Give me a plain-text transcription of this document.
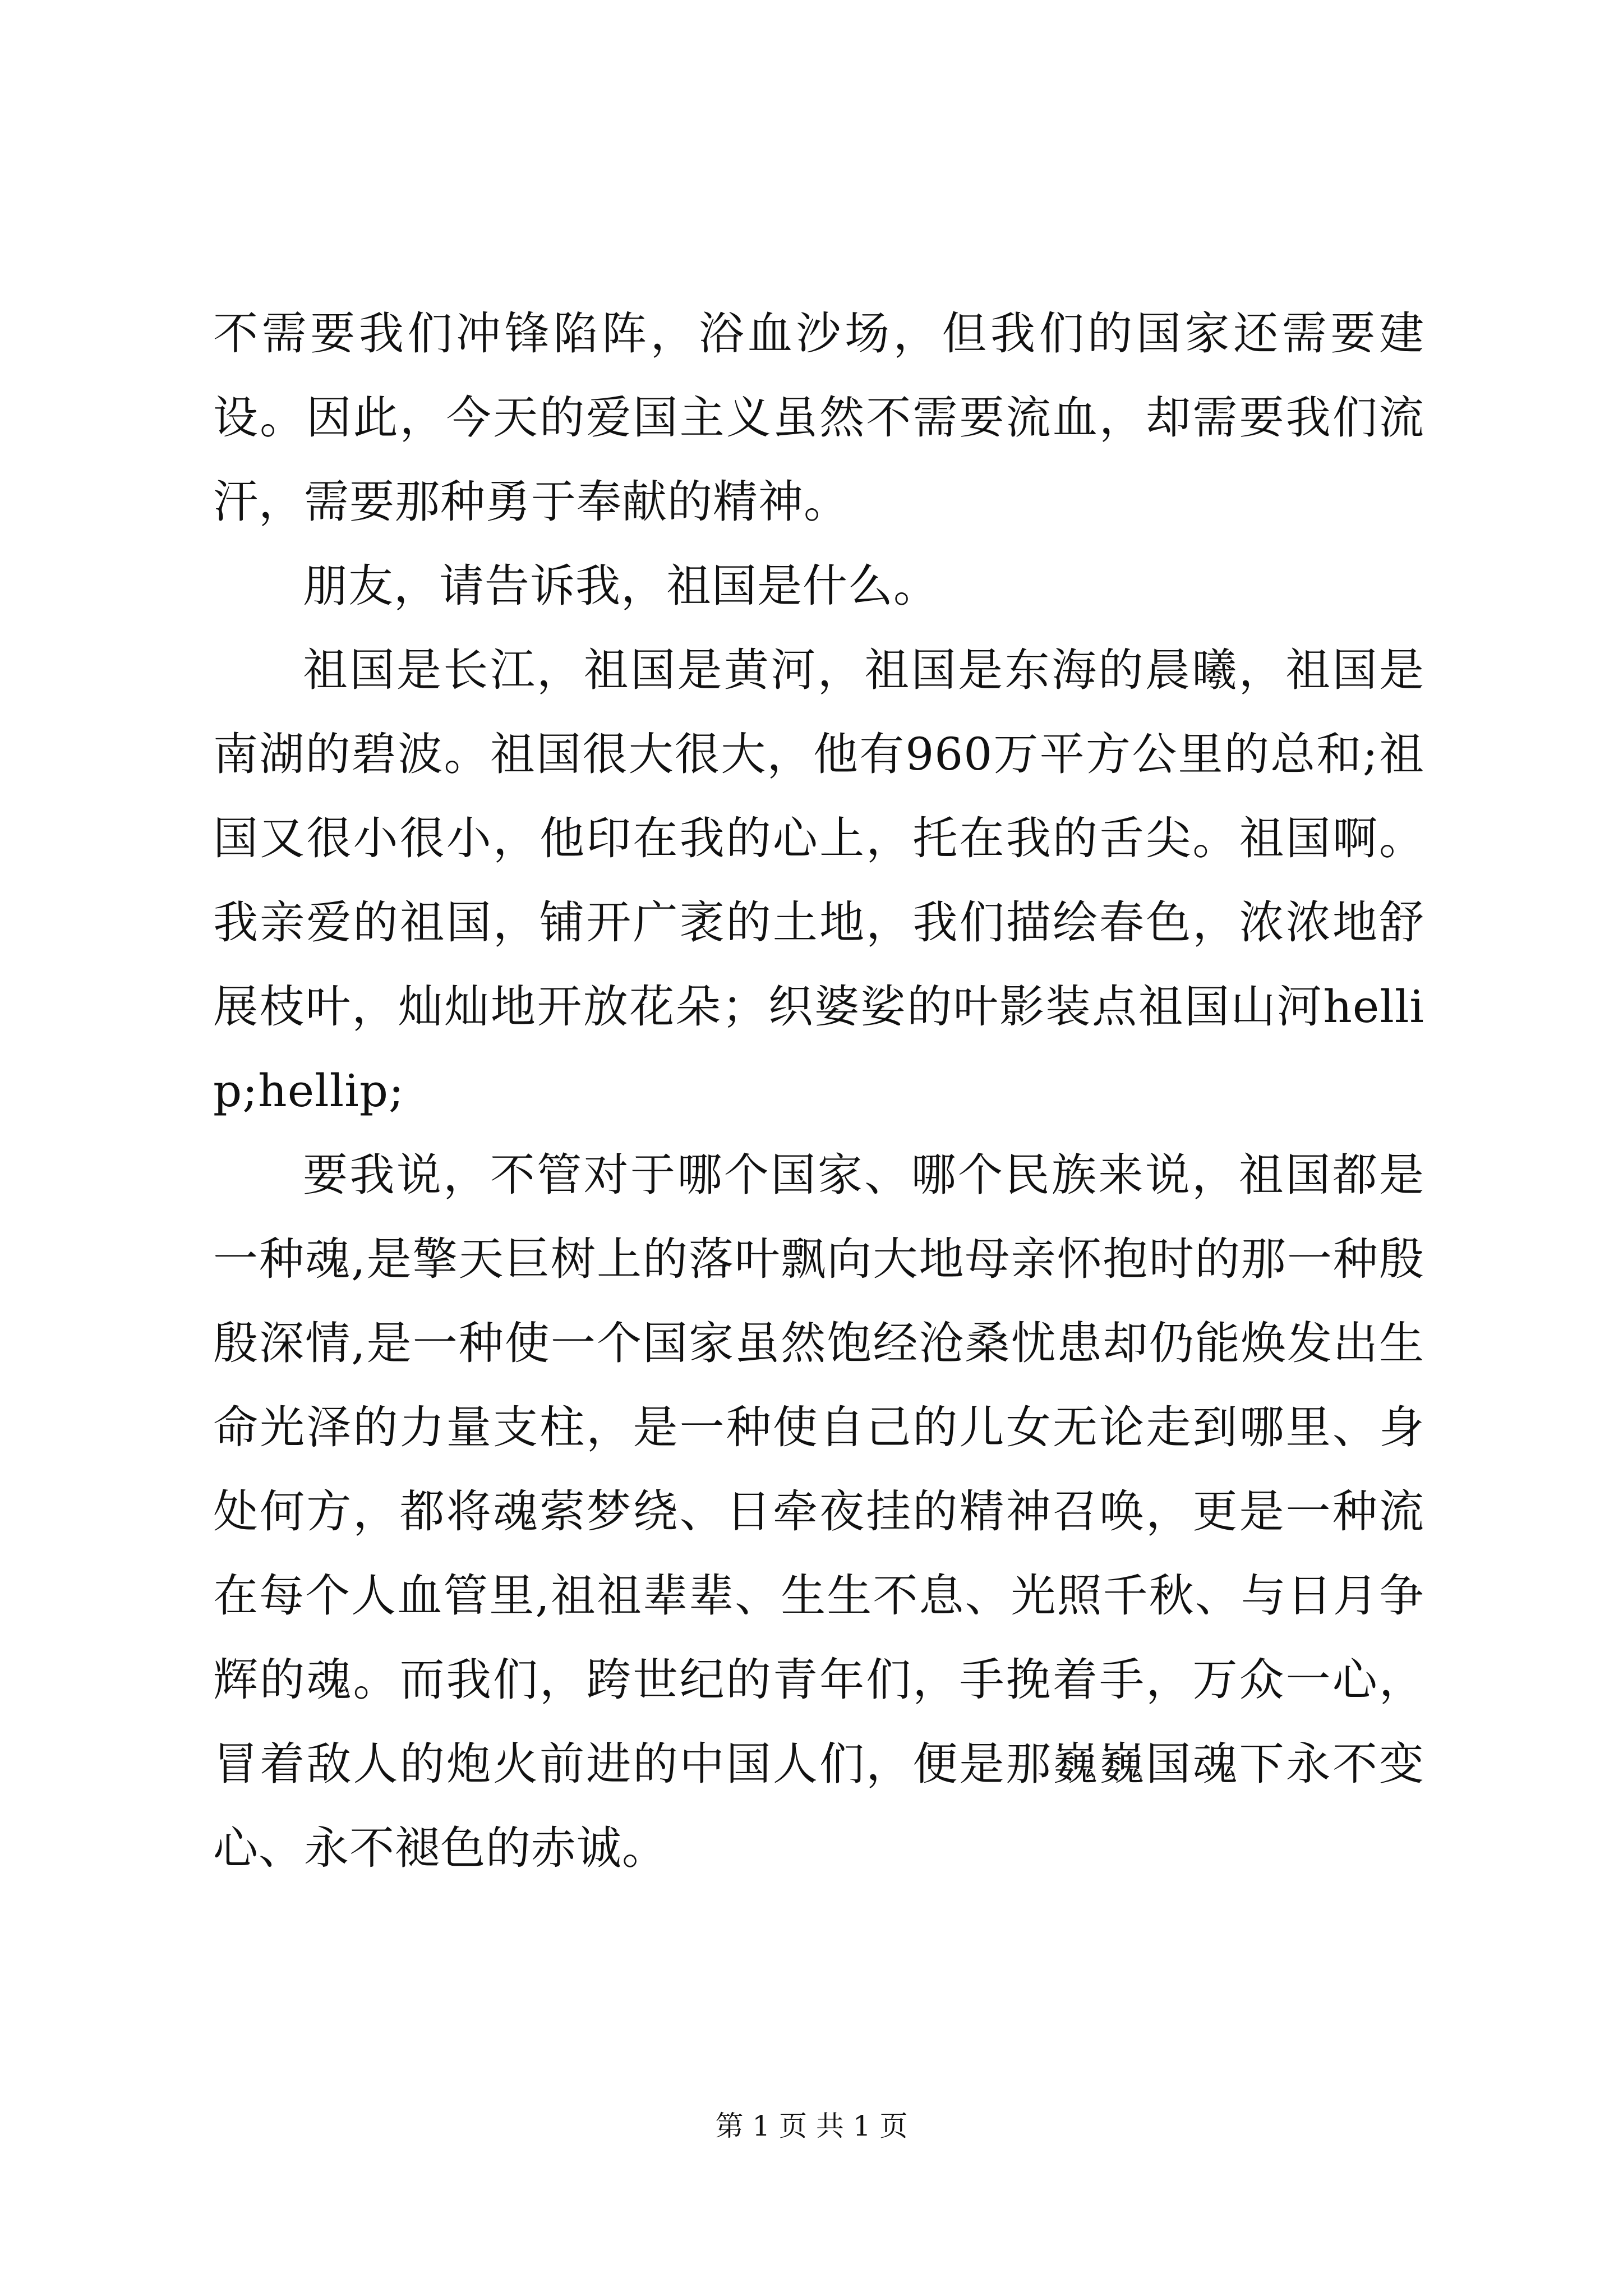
不需要我们冲锋陷阵，浴血沙场，但我们的国家还需要建设。因此，今天的爱国主义虽然不需要流血，却需要我们流汗，需要那种勇于奉献的精神。

朋友，请告诉我，祖国是什么。

祖国是长江，祖国是黄河，祖国是东海的晨曦，祖国是南湖的碧波。祖国很大很大，他有960万平方公里的总和;祖国又很小很小，他印在我的心上，托在我的舌尖。祖国啊。我亲爱的祖国，铺开广袤的土地，我们描绘春色，浓浓地舒展枝叶，灿灿地开放花朵；织婆娑的叶影装点祖国山河hellip;hellip;

要我说，不管对于哪个国家、哪个民族来说，祖国都是一种魂,是擎天巨树上的落叶飘向大地母亲怀抱时的那一种殷殷深情,是一种使一个国家虽然饱经沧桑忧患却仍能焕发出生命光泽的力量支柱，是一种使自己的儿女无论走到哪里、身处何方，都将魂萦梦绕、日牵夜挂的精神召唤，更是一种流在每个人血管里,祖祖辈辈、生生不息、光照千秋、与日月争辉的魂。而我们，跨世纪的青年们，手挽着手，万众一心，冒着敌人的炮火前进的中国人们，便是那巍巍国魂下永不变心、永不褪色的赤诚。

第 1 页 共 1 页
